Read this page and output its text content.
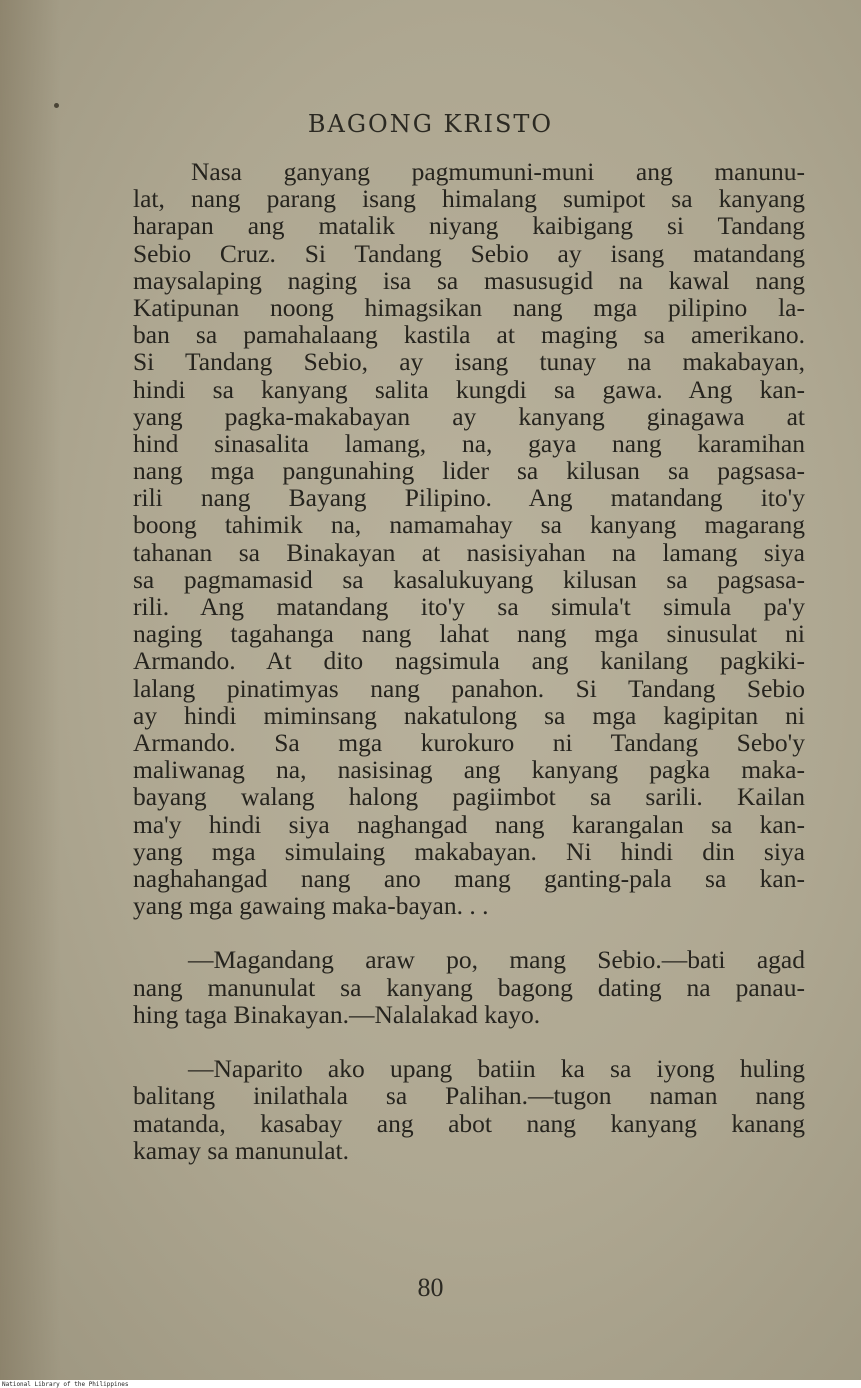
BAGONG KRISTO
Nasa ganyang pagmumuni-muni ang manunu-
lat, nang parang isang himalang sumipot sa kanyang
harapan ang matalik niyang kaibigang si Tandang
Sebio Cruz. Si Tandang Sebio ay isang matandang
maysalaping naging isa sa masusugid na kawal nang
Katipunan noong himagsikan nang mga pilipino la-
ban sa pamahalaang kastila at maging sa amerikano.
Si Tandang Sebio, ay isang tunay na makabayan,
hindi sa kanyang salita kungdi sa gawa. Ang kan-
yang pagka-makabayan ay kanyang ginagawa at
hind sinasalita lamang, na, gaya nang karamihan
nang mga pangunahing lider sa kilusan sa pagsasa-
rili nang Bayang Pilipino. Ang matandang ito'y
boong tahimik na, namamahay sa kanyang magarang
tahanan sa Binakayan at nasisiyahan na lamang siya
sa pagmamasid sa kasalukuyang kilusan sa pagsasa-
rili. Ang matandang ito'y sa simula't simula pa'y
naging tagahanga nang lahat nang mga sinusulat ni
Armando. At dito nagsimula ang kanilang pagkiki-
lalang pinatimyas nang panahon. Si Tandang Sebio
ay hindi miminsang nakatulong sa mga kagipitan ni
Armando. Sa mga kurokuro ni Tandang Sebo'y
maliwanag na, nasisinag ang kanyang pagka maka-
bayang walang halong pagiimbot sa sarili. Kailan
ma'y hindi siya naghangad nang karangalan sa kan-
yang mga simulaing makabayan. Ni hindi din siya
naghahangad nang ano mang ganting-pala sa kan-
yang mga gawaing maka-bayan. . .
—Magandang araw po, mang Sebio.—bati agad
nang manunulat sa kanyang bagong dating na panau-
hing taga Binakayan.—Nalalakad kayo.
—Naparito ako upang batiin ka sa iyong huling
balitang inilathala sa Palihan.—tugon naman nang
matanda, kasabay ang abot nang kanyang kanang
kamay sa manunulat.
80
National Library of the Philippines
